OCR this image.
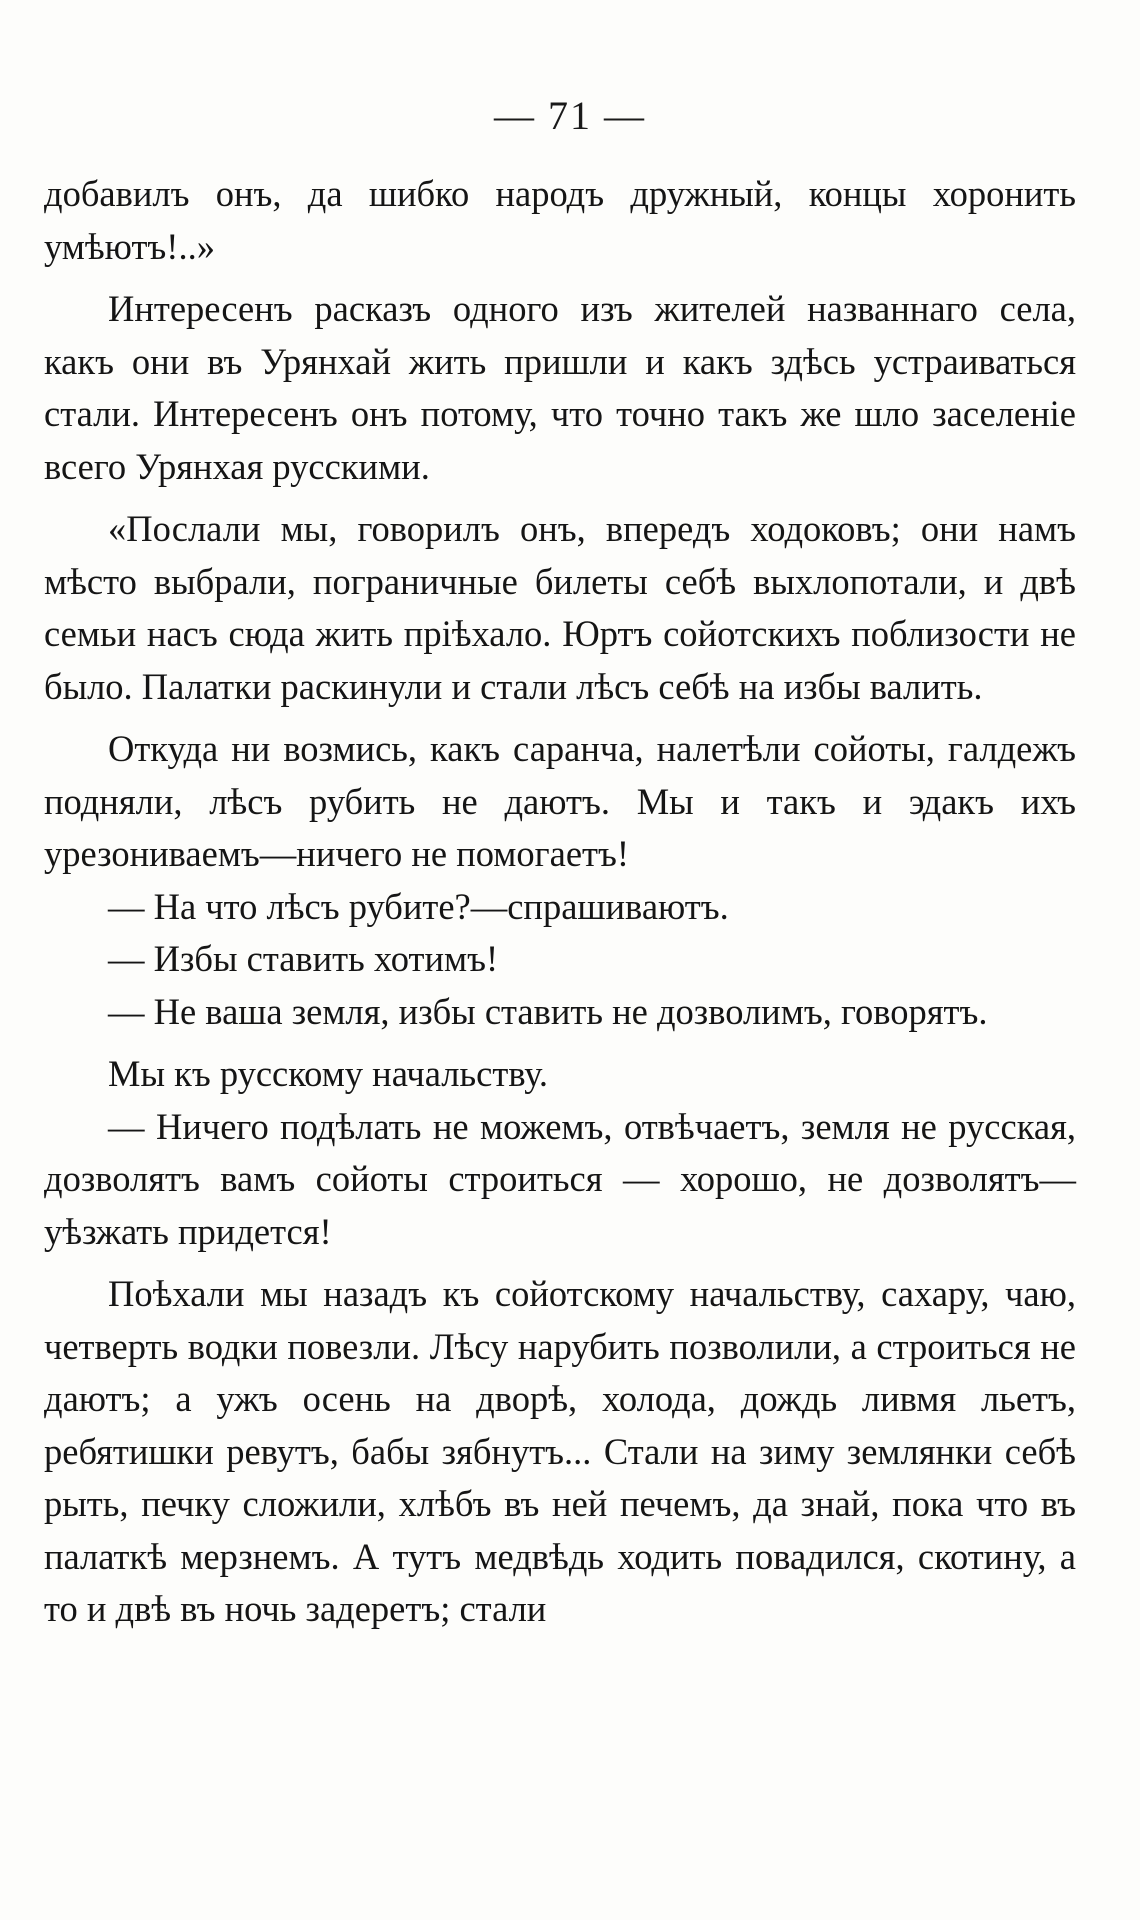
— 71 —

добавилъ онъ, да шибко народъ дружный, концы хоронить умѣютъ!..»

Интересенъ расказъ одного изъ жителей названнаго села, какъ они въ Урянхай жить пришли и какъ здѣсь устраиваться стали. Интересенъ онъ потому, что точно такъ же шло заселеніе всего Урянхая русскими.

«Послали мы, говорилъ онъ, впередъ ходоковъ; они намъ мѣсто выбрали, пограничные билеты себѣ выхлопотали, и двѣ семьи насъ сюда жить пріѣхало. Юртъ сойотскихъ поблизости не было. Палатки раскинули и стали лѣсъ себѣ на избы валить.

Откуда ни возмись, какъ саранча, налетѣли сойоты, галдежъ подняли, лѣсъ рубить не даютъ. Мы и такъ и эдакъ ихъ урезониваемъ—ничего не помогаетъ!

— На что лѣсъ рубите?—спрашиваютъ.

— Избы ставить хотимъ!

— Не ваша земля, избы ставить не дозволимъ, говорятъ.

Мы къ русскому начальству.

— Ничего подѣлать не можемъ, отвѣчаетъ, земля не русская, дозволятъ вамъ сойоты строиться — хорошо, не дозволятъ—уѣзжать придется!

Поѣхали мы назадъ къ сойотскому начальству, сахару, чаю, четверть водки повезли. Лѣсу нарубить позволили, а строиться не даютъ; а ужъ осень на дворѣ, холода, дождь ливмя льетъ, ребятишки ревутъ, бабы зябнутъ... Стали на зиму землянки себѣ рыть, печку сложили, хлѣбъ въ ней печемъ, да знай, пока что въ палаткѣ мерзнемъ. А тутъ медвѣдь ходить повадился, скотину, а то и двѣ въ ночь задеретъ; стали
